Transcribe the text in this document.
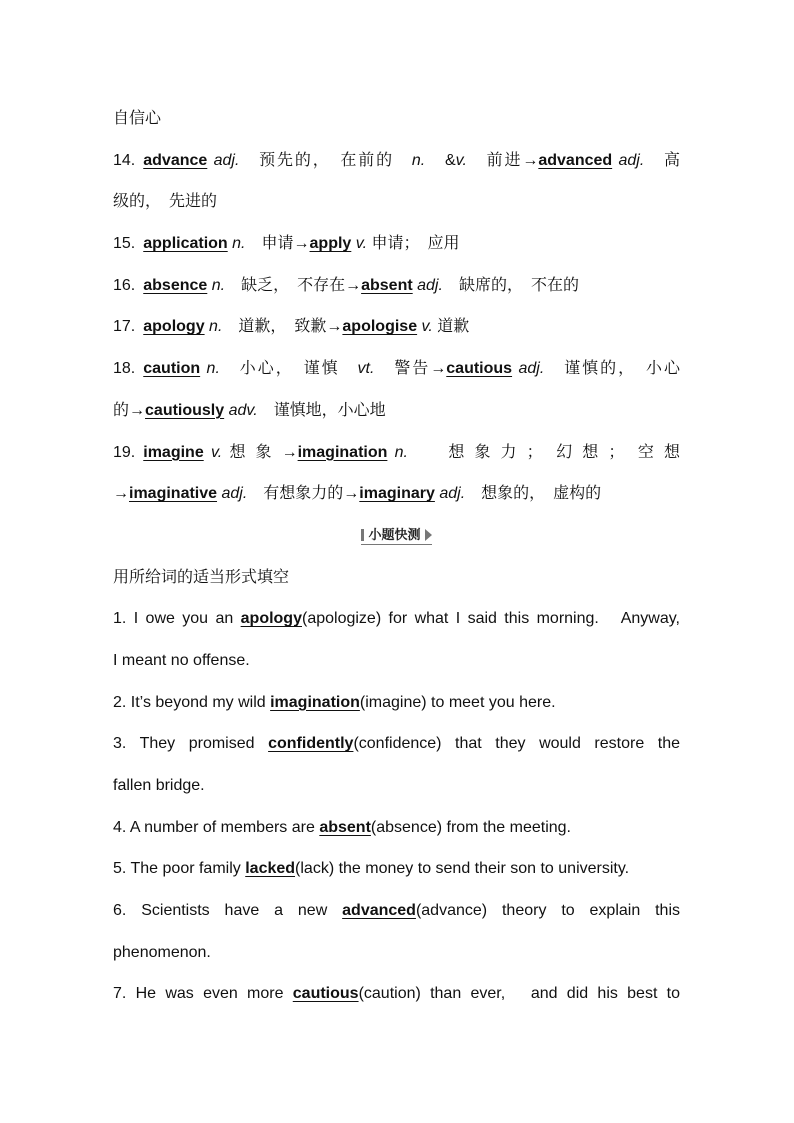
自信心
14. advance adj.　预先的，　在前的　n.　&v.　前进→advanced adj.　高
级的，　先进的
15. application n.　申请→apply v. 申请；　应用
16. absence n.　缺乏，　不存在→absent adj.　缺席的，　不在的
17. apology n.　道歉，　致歉→apologise v. 道歉
18. caution n.　小心，　谨慎　vt.　警告→cautious adj.　谨慎的，　小心
的→cautiously adv.　谨慎地，小心地
19. imagine v. 想 象 →imagination n.　　想 象 力 ；　幻 想 ；　空 想
→imaginative adj.　有想象力的→imaginary adj.　想象的，　虚构的
小题快测
用所给词的适当形式填空
1. I owe you an apology(apologize) for what I said this morning.　Anyway,
I meant no offense.
2. It’s beyond my wild imagination(imagine) to meet you here.
3. They promised confidently(confidence) that they would restore the
fallen bridge.
4. A number of members are absent(absence) from the meeting.
5. The poor family lacked(lack) the money to send their son to university.
6. Scientists have a new advanced(advance) theory to explain this
phenomenon.
7. He was even more cautious(caution) than ever,　and did his best to
